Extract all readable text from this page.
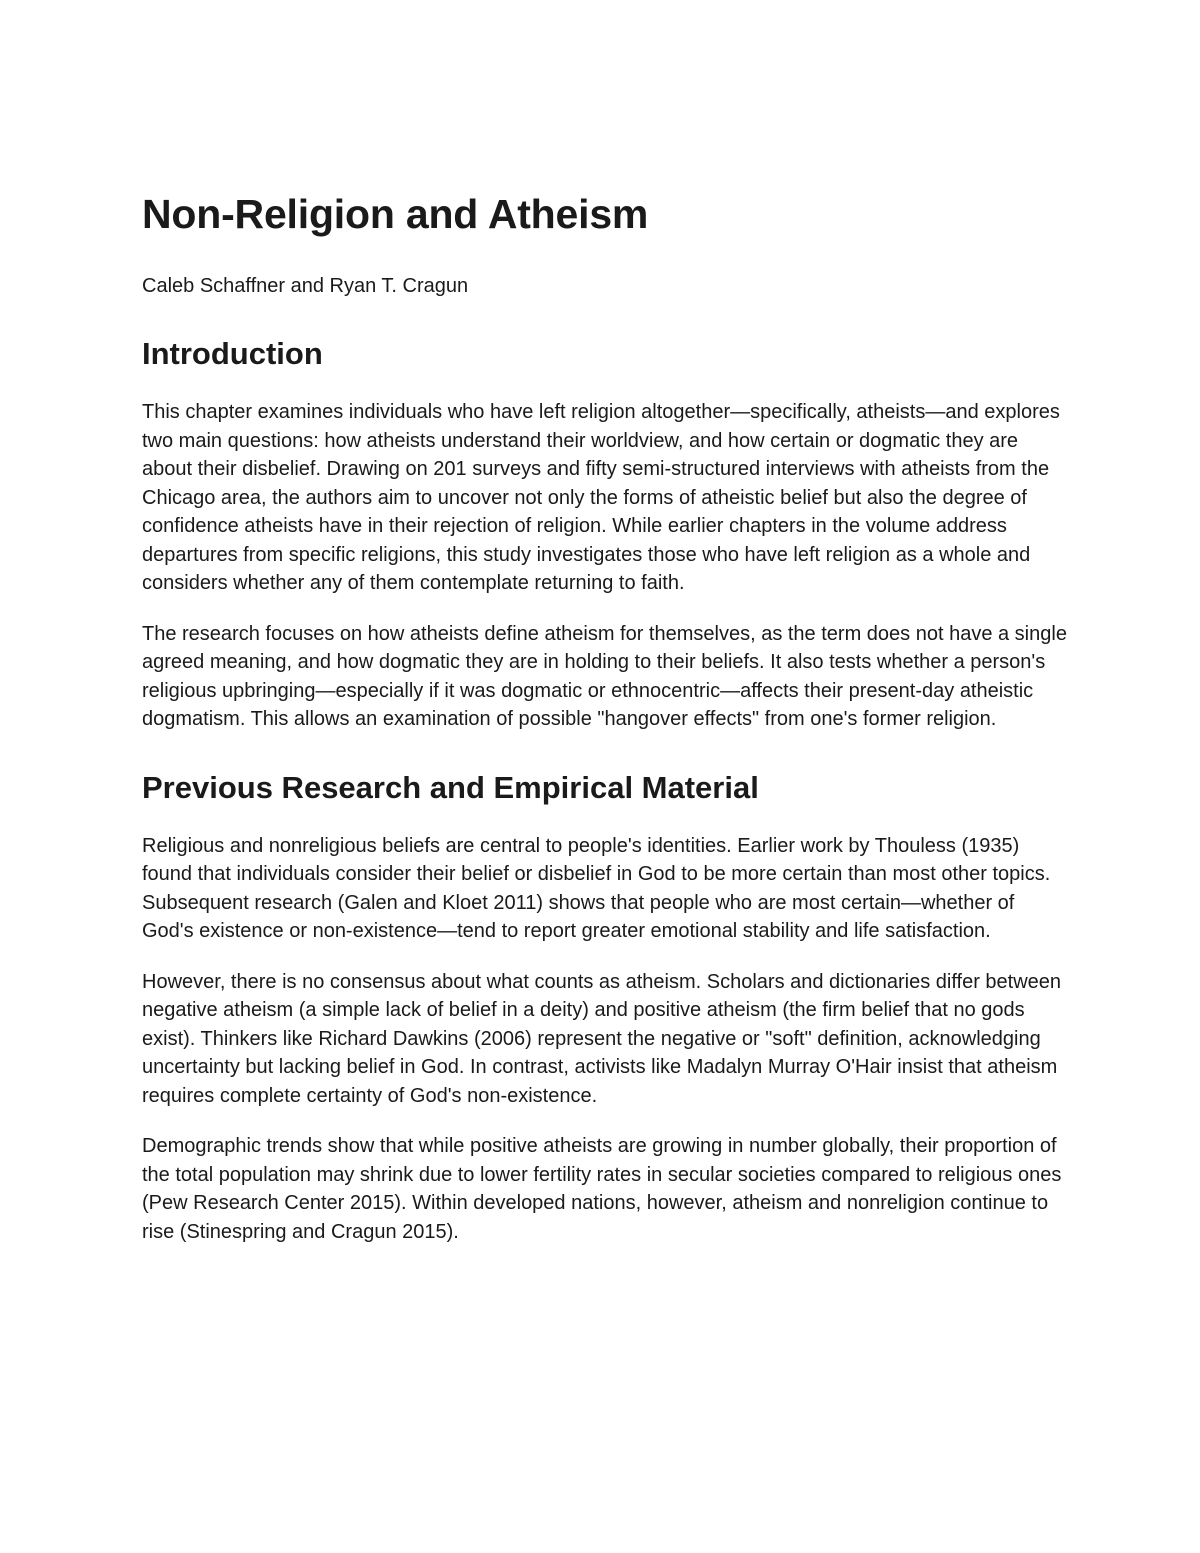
Non-Religion and Atheism

Caleb Schaffner and Ryan T. Cragun

Introduction

This chapter examines individuals who have left religion altogether—specifically, atheists—and explores two main questions: how atheists understand their worldview, and how certain or dogmatic they are about their disbelief. Drawing on 201 surveys and fifty semi-structured interviews with atheists from the Chicago area, the authors aim to uncover not only the forms of atheistic belief but also the degree of confidence atheists have in their rejection of religion. While earlier chapters in the volume address departures from specific religions, this study investigates those who have left religion as a whole and considers whether any of them contemplate returning to faith.

The research focuses on how atheists define atheism for themselves, as the term does not have a single agreed meaning, and how dogmatic they are in holding to their beliefs. It also tests whether a person's religious upbringing—especially if it was dogmatic or ethnocentric—affects their present-day atheistic dogmatism. This allows an examination of possible "hangover effects" from one's former religion.

Previous Research and Empirical Material

Religious and nonreligious beliefs are central to people's identities. Earlier work by Thouless (1935) found that individuals consider their belief or disbelief in God to be more certain than most other topics. Subsequent research (Galen and Kloet 2011) shows that people who are most certain—whether of God's existence or non-existence—tend to report greater emotional stability and life satisfaction.

However, there is no consensus about what counts as atheism. Scholars and dictionaries differ between negative atheism (a simple lack of belief in a deity) and positive atheism (the firm belief that no gods exist). Thinkers like Richard Dawkins (2006) represent the negative or "soft" definition, acknowledging uncertainty but lacking belief in God. In contrast, activists like Madalyn Murray O'Hair insist that atheism requires complete certainty of God's non-existence.

Demographic trends show that while positive atheists are growing in number globally, their proportion of the total population may shrink due to lower fertility rates in secular societies compared to religious ones (Pew Research Center 2015). Within developed nations, however, atheism and nonreligion continue to rise (Stinespring and Cragun 2015).
